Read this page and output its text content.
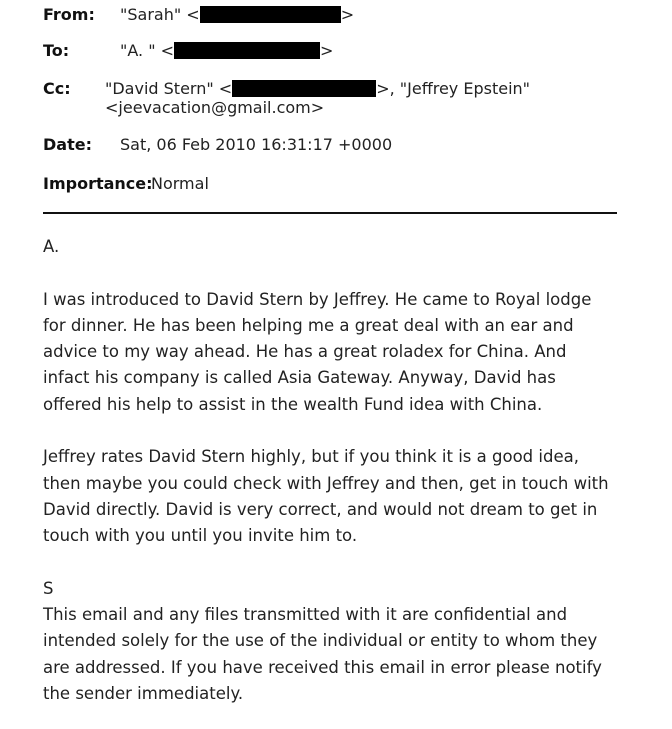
From: "Sarah" <	>
To:	"A. " <	>
Cc: "David Stern" <	>, "Jeffrey Epstein"
<jeevacation@gmail.com>
Date: Sat, 06 Feb 2010 16:31:17 +0000
Importance:
Normal

A.

I was introduced to David Stern by Jeffrey. He came to Royal lodge for dinner. He has been helping me a great deal with an ear and advice to my way ahead. He has a great roladex for China. And infact his company is called Asia Gateway. Anyway, David has offered his help to assist in the wealth Fund idea with China.

Jeffrey rates David Stern highly, but if you think it is a good idea, then maybe you could check with Jeffrey and then, get in touch with David directly. David is very correct, and would not dream to get in touch with you until you invite him to.

S

This email and any files transmitted with it are confidential and intended solely for the use of the individual or entity to whom they are addressed. If you have received this email in error please notify the sender immediately.
